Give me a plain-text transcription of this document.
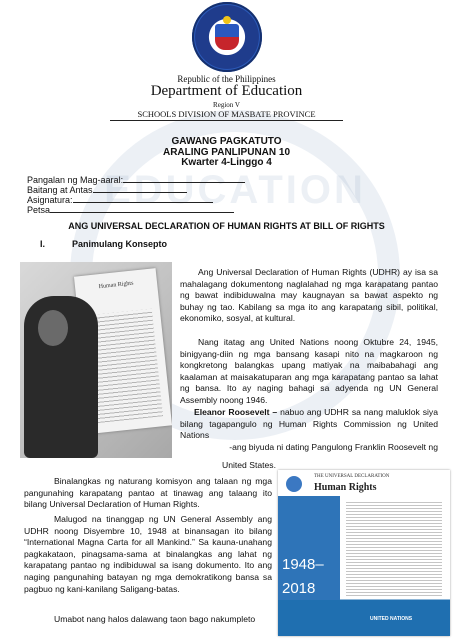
EDUCATION
Republic of the Philippines
Department of Education
Region V
SCHOOLS DIVISION OF MASBATE PROVINCE
GAWANG PAGKATUTO
ARALING PANLIPUNAN 10
Kwarter 4-Linggo 4
Pangalan ng Mag-aaral:
Baitang at Antas
Asignatura:
Petsa
ANG UNIVERSAL DECLARATION OF HUMAN RIGHTS AT BILL OF RIGHTS
I.	Panimulang Konsepto
Human Rights
Ang Universal Declaration of Human Rights (UDHR) ay isa sa mahalagang dokumentong naglalahad ng mga karapatang pantao ng bawat indibiduwalna may kaugnayan sa bawat aspekto ng buhay ng tao. Kabilang sa mga ito ang karapatang sibil, politikal, ekonomiko, sosyal, at kultural.
Nang itatag ang United Nations noong Oktubre 24, 1945, binigyang-diin ng mga bansang kasapi nito na magkaroon ng kongkretong balangkas upang matiyak na maibabahagi ang kaalaman at maisakatuparan ang mga karapatang pantao sa lahat ng bansa. Ito ay naging bahagi sa adyenda ng UN General Assembly noong 1946.
Eleanor Roosevelt – nabuo ang UDHR sa nang maluklok siya bilang tagapangulo ng Human Rights Commission ng United Nations
-ang biyuda ni dating Pangulong Franklin Roosevelt ng
United States.
Binalangkas ng naturang komisyon ang talaan ng mga pangunahing karapatang pantao at tinawag ang talaang ito bilang Universal Declaration of Human Rights.
Malugod na tinanggap ng UN General Assembly ang UDHR noong Disyembre 10, 1948 at binansagan ito bilang “International Magna Carta for all Mankind.” Sa kauna-unahang pagkakataon, pinagsama-sama at binalangkas ang lahat ng karapatang pantao ng indibiduwal sa isang dokumento. Ito ang naging pangunahing batayan ng mga demokratikong bansa sa pagbuo ng kani-kanilang Saligang-batas.
Umabot nang halos dalawang taon bago nakumpleto
THE UNIVERSAL DECLARATION
Human Rights
1948–
2018
UNITED NATIONS
